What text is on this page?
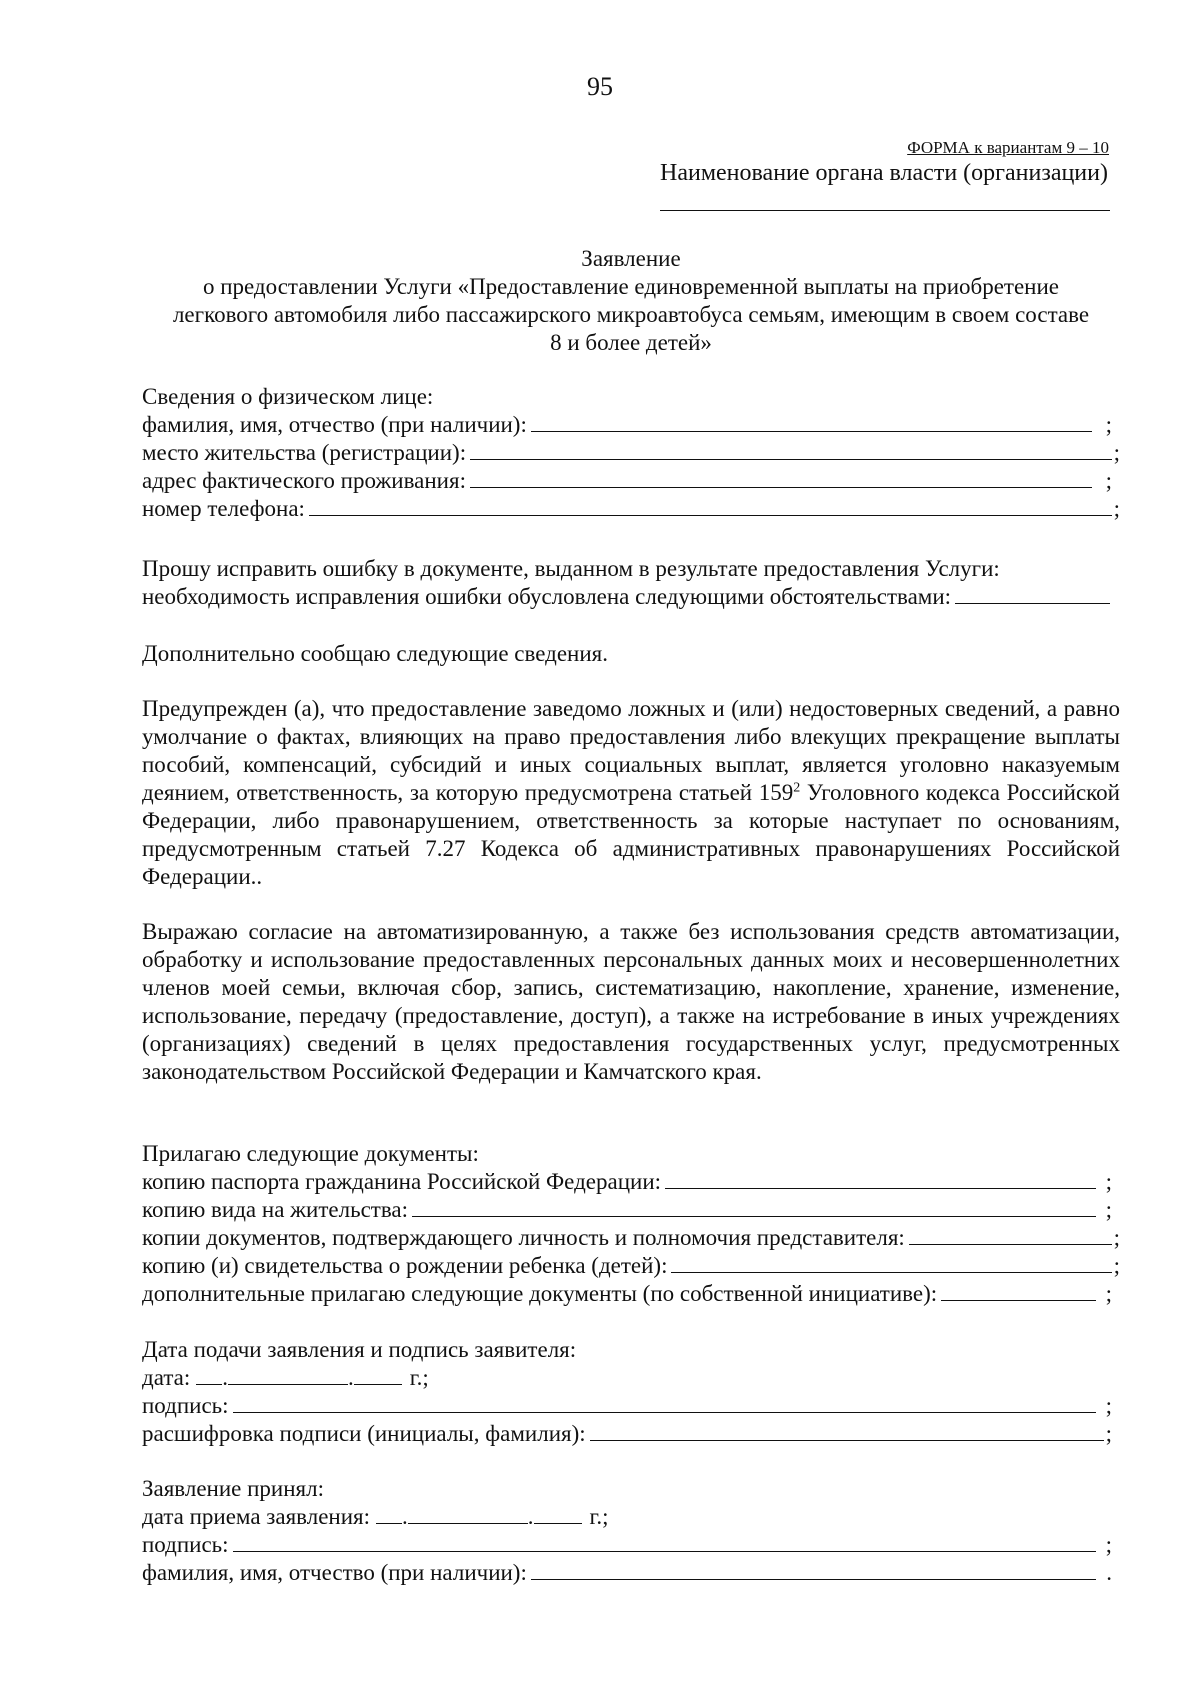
95
ФОРМА к вариантам 9 – 10
Наименование органа власти (организации)
Заявление
о предоставлении Услуги «Предоставление единовременной выплаты на приобретение
легкового автомобиля либо пассажирского микроавтобуса семьям, имеющим в своем составе
8 и более детей»
Сведения о физическом лице:
фамилия, имя, отчество (при наличии):	;
место жительства (регистрации):	;
адрес фактического проживания:	;
номер телефона:	;
Прошу исправить ошибку в документе, выданном в результате предоставления Услуги:
необходимость исправления ошибки обусловлена следующими обстоятельствами:
Дополнительно сообщаю следующие сведения.
Предупрежден (а), что предоставление заведомо ложных и (или) недостоверных сведений, а равно умолчание о фактах, влияющих на право предоставления либо влекущих прекращение выплаты пособий, компенсаций, субсидий и иных социальных выплат, является уголовно наказуемым деянием, ответственность, за которую предусмотрена статьей $159^2$ Уголовного кодекса Российской Федерации, либо правонарушением, ответственность за которые наступает по основаниям, предусмотренным статьей 7.27 Кодекса об административных правонарушениях Российской Федерации..
Выражаю согласие на автоматизированную, а также без использования средств автоматизации, обработку и использование предоставленных персональных данных моих и несовершеннолетних членов моей семьи, включая сбор, запись, систематизацию, накопление, хранение, изменение, использование, передачу (предоставление, доступ), а также на истребование в иных учреждениях (организациях) сведений в целях предоставления государственных услуг, предусмотренных законодательством Российской Федерации и Камчатского края.
Прилагаю следующие документы:
копию паспорта гражданина Российской Федерации:	;
копию вида на жительства:	;
копии документов, подтверждающего личность и полномочия представителя:	;
копию (и) свидетельства о рождении ребенка (детей):	;
дополнительные прилагаю следующие документы (по собственной инициативе):	;
Дата подачи заявления и подпись заявителя:
дата: .	. г.;
подпись:	;
расшифровка подписи (инициалы, фамилия):	;
Заявление принял:
дата приема заявления: .	. г.;
подпись:	;
фамилия, имя, отчество (при наличии):	.
